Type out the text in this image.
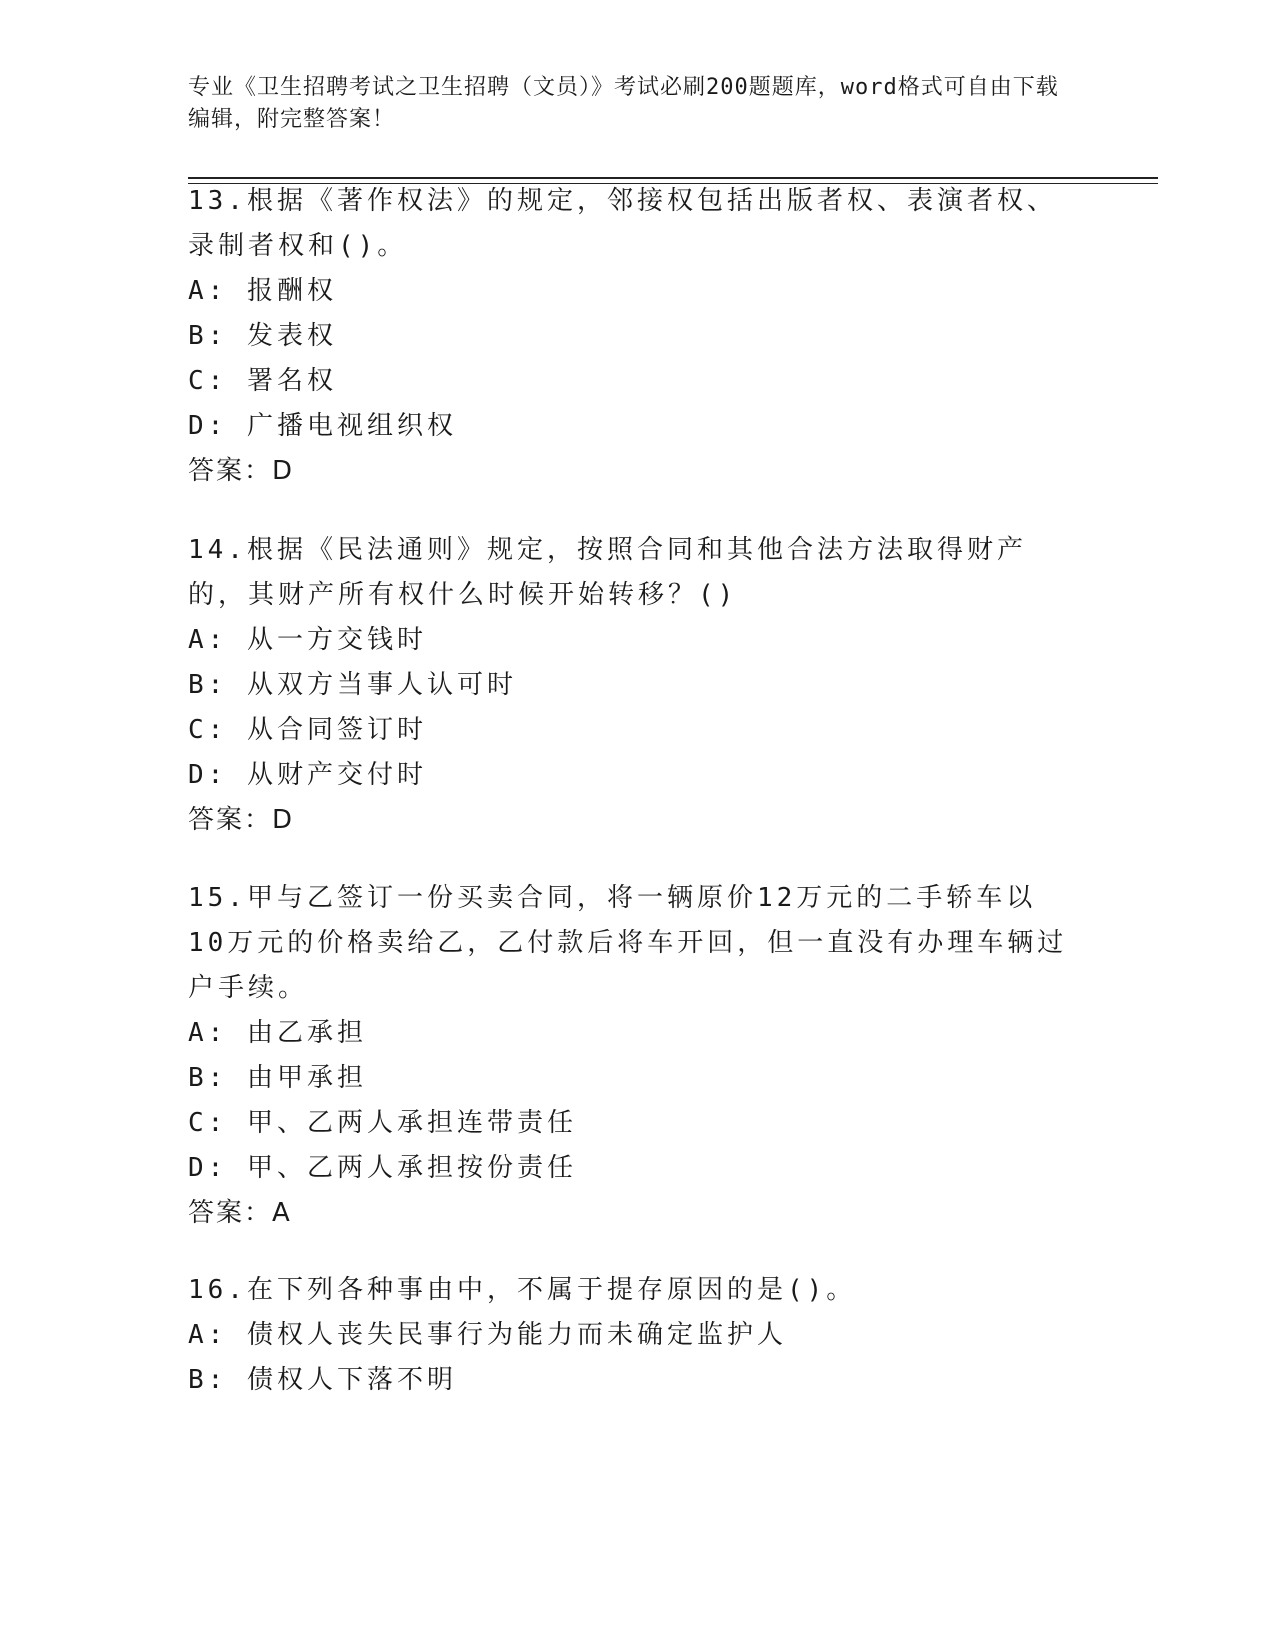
专业《卫生招聘考试之卫生招聘（文员）》考试必刷200题题库，word格式可自由下载编辑，附完整答案！

13.根据《著作权法》的规定，邻接权包括出版者权、表演者权、录制者权和()。

A: 报酬权

B: 发表权

C: 署名权

D: 广播电视组织权

答案：D

14.根据《民法通则》规定，按照合同和其他合法方法取得财产的，其财产所有权什么时候开始转移？()

A: 从一方交钱时

B: 从双方当事人认可时

C: 从合同签订时

D: 从财产交付时

答案：D

15.甲与乙签订一份买卖合同，将一辆原价12万元的二手轿车以10万元的价格卖给乙，乙付款后将车开回，但一直没有办理车辆过户手续。

A: 由乙承担

B: 由甲承担

C: 甲、乙两人承担连带责任

D: 甲、乙两人承担按份责任

答案：A

16.在下列各种事由中，不属于提存原因的是()。

A: 债权人丧失民事行为能力而未确定监护人

B: 债权人下落不明
